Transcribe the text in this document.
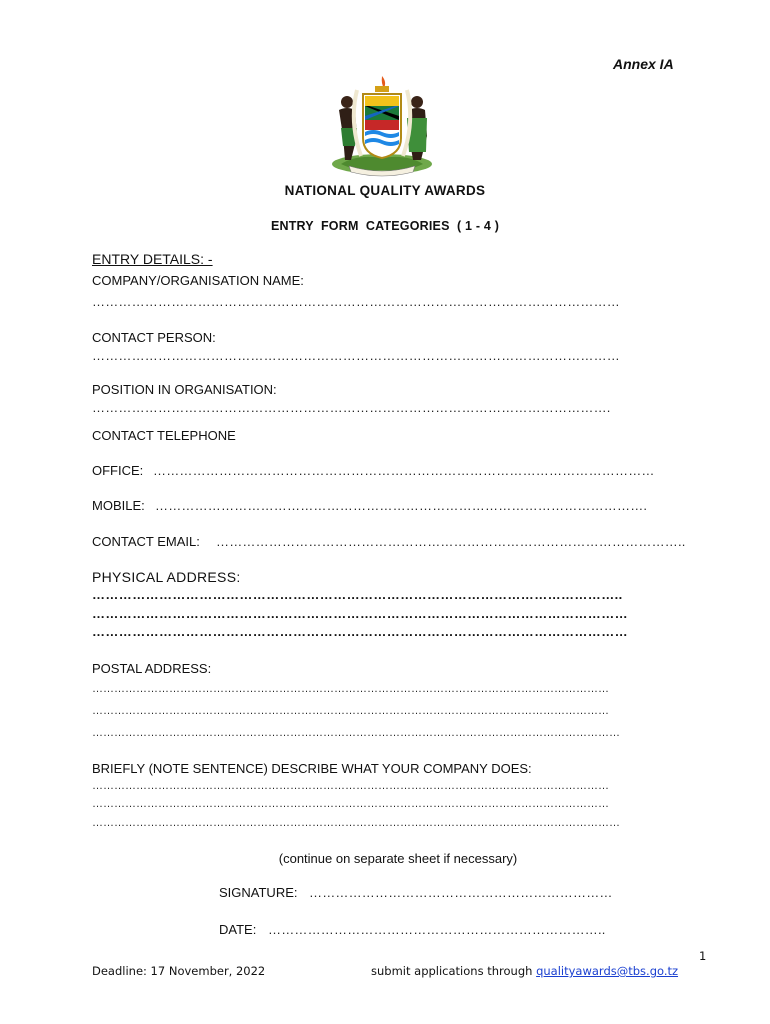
Annex IA
NATIONAL QUALITY AWARDS
ENTRY  FORM  CATEGORIES  ( 1 - 4 )
ENTRY DETAILS: -
COMPANY/ORGANISATION NAME:
…………………………………………………………………………………………………………
CONTACT PERSON:
…………………………………………………………………………………………………………
POSITION IN ORGANISATION:
……………………………………………………………………………………………………….
CONTACT TELEPHONE
OFFICE: ……………………………………………………………………………………………………
MOBILE: ………………………………………………………………………………………………….
CONTACT EMAIL: ……………………………………………………………………………………………..
PHYSICAL ADDRESS:
………………………………………………………………………………………………………..
…………………………………………………………………………………………………………
…………………………………………………………………………………………………………
POSTAL ADDRESS:
……………………………………………………………………………………………………………………………
……………………………………………………………………………………………………………………………
………………………………………………………………………………………………………………………………
BRIEFLY (NOTE SENTENCE) DESCRIBE WHAT YOUR COMPANY DOES:
……………………………………………………………………………………………………………………………
……………………………………………………………………………………………………………………………
………………………………………………………………………………………………………………………………
(continue on separate sheet if necessary)
SIGNATURE: ……………………………………………………………
DATE: …………………………………………………………………..
1
Deadline: 17 November, 2022	submit applications through qualityawards@tbs.go.tz
